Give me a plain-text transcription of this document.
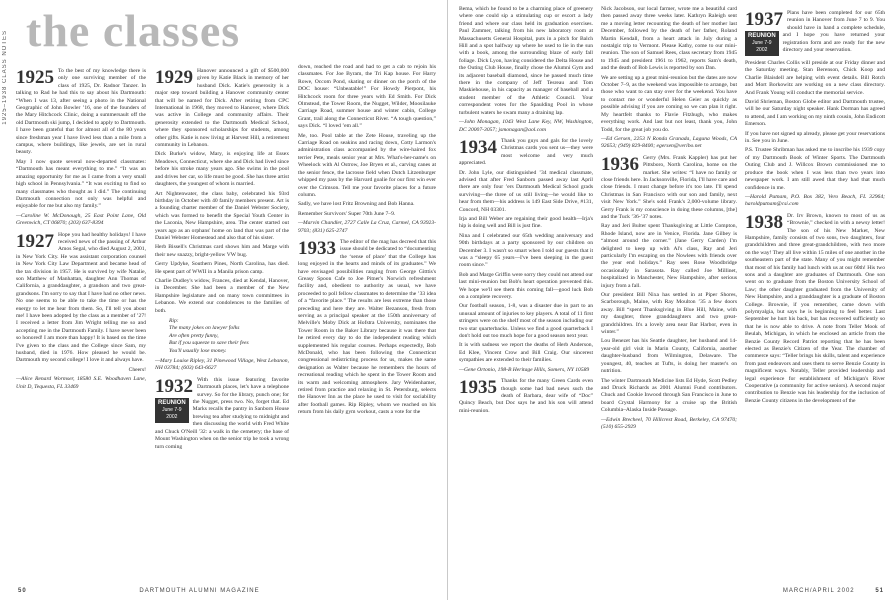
1925–1938 CLASS NOTES the classes
1925 To the best of my knowledge there is only one surviving member of the class of 1925, Dr. Radnor Tanzer. In talking to Rad he had this to say about his Dartmouth: “When I was 13, after seeing a photo in the National Geographic of John Bowler ’16, one of the founders of the Mary Hitchcock Clinic, doing a summersault off the old Dartmouth ski jump, I decided to apply to Dartmouth. I have been grateful that for almost all of the 80 years since freshman year I have lived less than a mile from a campus, where buildings, like jewels, are set in rural beauty.

May I now quote several now-departed classmates: “Dartmouth has meant everything to me.” “It was an amazing opportunity for me as I came from a very small high school in Pennsylvania.” “It was exciting to find so many classmates who thought as I did.” The continuing Dartmouth connection not only was helpful and enjoyable for me but also my family.”

—Caroline W. McDonough, 25 East Point Lane, Old Greenwich, CT 06870; (203) 637-8394

1927 Hope you had healthy holidays! I have received news of the passing of Arthur Amos Segal, who died August 2, 2001, in New York City. He was assistant corporation counsel in New York City Law Department and became head of the tax division in 1957. He is survived by wife Natalie, son Matthew of Manhattan, daughter Ann Thomas of California, a granddaughter, a grandson and two great-grandsons. I'm sorry to say that I have had no other news. No one seems to be able to take the time or has the energy to let me hear from them. So, I'll tell you about me! I have been adopted by the class as a member of ’27! I received a letter from Jim Wright telling me so and accepting me in the Dartmouth Family. I have never been so honored! I am more than happy! It is based on the time I've given to the class and the College since Sam, my husband, died in 1976. How pleased he would be. Dartmouth my second college! I love it and always have.

Cheers!

—Alice Renard Wormser, 18580 S.E. Woodhaven Lane, Unit D, Tequesta, FL 33469

1929 Hanover announced a gift of $500,000 given by Katie Black in memory of her husband Dick. Katie's generosity is a major step toward building a Hanover community center that will be named for Dick. After retiring from CPC International in 1968, they moved to Hanover, where Dick was active in College and community affairs. Their generosity extended to the Dartmouth Medical School, where they sponsored scholarships for students, among other gifts. Katie is now living at Harvest Hill, a retirement community in Lebanon.

Dick Burke's widow, Mary, is enjoying life at Essex Meadows, Connecticut, where she and Dick had lived since before his stroke many years ago. She swims in the pool and drives her car, so life must be good. She has three artist daughters, the youngest of whom is married.

Art Nightenwater, the class baby, celebrated his 93rd birthday in October with 40 family members present. Art is a founding charter member of the Daniel Webster Society, which was formed to benefit the Special Youth Center in the Laconia, New Hampshire, area. The center started out years ago as an orphans' home on land that was part of the Daniel Webster Homestead and also that of his sister.

Herb Bissell's Christmas card shows him and Marge with their new snazzy, bright-yellow VW bug.

Gerry Updyke, Southern Pines, North Carolina, has died. He spent part of WWII in a Manila prison camp.

Charlie Dudley's widow, Frances, died at Kendal, Hanover, in December. She had been a member of the New Hampshire legislature and on many town committees in Lebanon. We extend our condolences to the families of both.

Rip:
The many jokes on lawyer folks
Are often pretty funny,
But if you squeeze to save their fees
You'll usually lose money.

—Mary Louise Ripley, 31 Pinewood Village, West Lebanon, NH 03784; (603) 643-6627

1932
REUNION
June 7-9
2002

With this issue featuring favorite Dartmouth places, let's have a telephone survey. So for the library, punch one; for the Nugget, press two. No, forget that. Ed Marks recalls the pantry in Sanborn House brewing tea after studying to midnight and then discussing the world with Fred White and Chuck O'Neill '32: a walk in the cemetery; the base of Mount Washington when on the senior trip he took a wrong turn coming

down, reached the road and had to get a cab to rejoin his classmates. For Joe Byram, the Tri Kap house. For Harry Rowe, Occom Pond, skating or dinner on the porch of the DOC house: “Unbeatable!” For Howdy Pierpont, his Hitchcock room for three years with Ed Smith. For Dick Olmstead, the Tower Room, the Nugget, Wilder, Moosilauke Carriage Road, summer house and winter cabin, College Grant, trail along the Connecticut River. “A tough question,” says Dick. “I loved ’em all.”

Me, too. Pool table at the Zete House, traveling up the Carriage Road on seakins and racing down, Cotty Larmon's administration class accompanied by the wire-haired fox terrier Pete, meals senior year at Mrs. What's-her-name's on Wheelock with Al Ostrow, Joe Bryen et al., carving canes at the senior fence, the lacrosse field when Dutch Litzenburger whipped my pass by the Harvard goalie for our first win ever over the Crimson. Tell me your favorite places for a future column.

Sadly, we have lost Fritz Browning and Bob Hanna.

Remember Survivors' Super 70th June 7–9.

—Marvin Chandler, 2727 Calle La Cruz, Carmel, CA 93923-9703; (831) 625-2747

1933 The editor of the mag has decreed that this issue should be dedicated to “documenting the ‘sense of place’ that the College has long enjoyed in the hearts and minds of its graduates.” We have envisaged possibilities ranging from George Gitttis's Greasy Spoon Cafe to Joe Pitner's Norwich refreshment facility and, obedient to authority as usual, we have proceeded to poll fellow classmates to determine the ’33 idea of a “favorite place.” The results are less extreme than those preceding and here they are. Walter Bezanson, fresh from serving as a principal speaker at the 150th anniversary of Melville's Moby Dick at Hofstra University, nominates the Tower Room in the Baker Library because it was there that he retired every day to do the independent reading which supplemented his regular courses. Perhaps expectedly, Bob McDonald, who has been following the Connecticut congressional redistricting process for us, makes the same designation as Walter because he remembers the hours of recreational reading which he spent in the Tower Room and its warm and welcoming atmosphere. Jary Weidenhamer, retired from practice and relaxing in St. Petersburg, selects the Hanover Inn as the place he used to visit for sociability after football games. Rip Ripley, whom we reached on his return from his daily gym workout, casts a vote for the

50	DARTMOUTH ALUMNI MAGAZINE

Bema, which he found to be a charming place of greenery where one could sip a stimulating cup or escort a lady friend and where our class held its graduation exercises. Paul Zammer, talking from his new laboratory room at Massachusetts General Hospital, puts in a pitch for Balch Hill and a spot halfway up where he used to lie in the sun with a book, among the surrounding blaze of early fall foliage. Dick Lyon, having considered the Delta House and the Outing Club House, finally chose the Alumni Gym and its adjacent baseball diamond, since he passed much time there in the company of Jeff Tesreau and Tom Maskiehouse, in his capacity as manager of baseball and a student member of the Athletic Council. Your correspondent votes for the Spaulding Pool in whose turbulent waters he swam many a draining lap.

—John Monagan, 1043 West Lane Key, NW, Washington, DC 20007-3057; jsmonagan@aol.com

1934 Thank you guys and gals for the lovely Christmas cards you sent us—they were most welcome and very much appreciated.

Dr. John Lyle, our distinguished ’34 medical classmate, advised that after Fred Sanborn passed away last April there are only four ’ers Dartmouth Medical School grads surviving—the three of us still living—he would like to hear from them—his address is 149 East Side Drive, #131, Concord, NH 03301.

Irja and Bill Weber are regaining their good health—Irja's hip is doing well and Bill is just fine.

Nina and I celebrated our 65th wedding anniversary and 90th birthdays at a party sponsored by our children on December 3. I wasn't so smart when I told our guests that it was a “sleepy 65 years—I've been sleeping in the guest room since.”

Bob and Marge Griffin were sorry they could not attend our last mini-reunion but Bob's heart operation prevented this. We hope we'll see them this coming fall—good luck Bob on a complete recovery.

Our football season, 1-8, was a disaster due in part to an unusual amount of injuries to key players. A total of 11 first stringers were on the shelf most of the season including our two star quarterbacks. Unless we find a good quarterback I don't hold out too much hope for a good season next year.

It is with sadness we report the deaths of Herb Anderson, Ed Klee, Vincent Crow and Bill Craig. Our sincerest sympathies are extended to their families.

—Gene Ortonio, 198-B Heritage Hills, Somers, NY 10589

1935 Thanks for the many Green Cards even though some had bad news such the death of Barbara, dear wife of “Doc” Quincy Beach, but Doc says he and his son will attend mini-reunion.

Nick Jacobson, our local farmer, wrote me a beautiful card then passed away three weeks later. Kathryn Raleigh sent me a moving letter recounting the death of her mother last December, followed by the death of her father, Roland Martin Kendall, from a heart attack in July during a nostalgic trip to Vermont. Please Kathy, come to our mini-reunion. The son of Samuel Rees, class secretary from 1945 to 1945 and president 1961 to 1962, reports Sam's death, and the death of Bob Lewis is reported by son Dan.

We are setting up a great mini-reunion but the dates are now October 7–9, as the weekend was impossible to arrange, but those who want to can stay over for the weekend. You have to contact me or wonderful Helen Geier as quickly as possible advising if you are coming so we can plan it right. My heartfelt thanks to Flavie Fitzhugh, who makes everything work. And last but not least, thank you, John Todd, for the great job you do.

—Ed Gersen, 2253 N Ronda Granada, Laguna Woods, CA 92653; (949) 829-8400; egersen@veribo.net

1936 Gerry (Mrs. Frank Kappler) has put her Pittsboro, North Carolina, home on the market. She writes: “I have no family or close friends here. In Jacksonville, Florida, I'll have care and close friends. I must change before it's too late. I'll spend Christmas in San Francisco with our son and family, next visit New York.” She's sold Frank's 2,000-volume library. Gerry Frank is my conscience in doing these columns, [the] and the Tuck ’36-’37 notes.

Ray and Jeri Bulter spent Thanksgiving at Little Compton, Rhode Island, now are in Venice, Florida. Jane Gilbey is “almost around the corner.” (Jane Gerry Carden) I'm delighted to keep up with Al's class, Ray and Jeri particularly I'm escaping on the Nowlees with friends over the year end holidays.” Ray sees Rose Woodbridge occasionally in Sarasota. Ray called Joe Millinet, hospitalized in Manchester, New Hampshire, after serious injury from a fall.

Our president Bill Nixa has settled in at Piper Shores, Scarborough, Maine, with Ray Moulton ’35 a few doors away. Bill “spent Thanksgiving in Blue Hill, Maine, with my daughter, three granddaughters and two great-grandchildren. It's a lovely area near Bar Harbor, even in winter.”

Lou Benezet has his Seattle daughter, her husband and 14-year-old girl visit in Marin County, California, another daughter-husband from Wilmington, Delaware. The youngest, 40, teaches at Tufts, is doing her master's on nutrition.

The winter Dartmouth Medicine lists Ed Hyde, Scott Pedley and Druck Richards as 2001 Alumni Fund contributors. Chuck and Cookie Inwood through San Francisco in June to board Crystal Harmony for a cruise up the British Columbia–Alaska Inside Passage.

—Edwin Brecheel, 70 Hillcrest Road, Berkeley, CA 97470; (510) 655-2929

1937
REUNION
June 7-9
2002

Plans have been completed for our 65th reunion in Hanover from June 7 to 9. You should have in hand a complete schedule, and I hope you have returned your registration form and are ready for the new directory and your reservation.

President Charles Collis will preside at our Friday dinner and the Saturday meeting. Stan Berenson, Chick Koop and Charlie Blaisdell are helping with event details. Bill Rotch and Mort Borkowitz are working on a new class directory. And Frank Young will conduct the memorial service.

David Shrieman, Boston Globe editor and Dartmouth trustee, will be our Saturday night speaker. Hank Dorman has agreed to attend, and I am working on my ninth cousin, John Endicott Emerson.

If you have not signed up already, please get your reservations in. See you in June.

P.S. Trustee Shribman has asked me to inscribe his 1939 copy of my Dartmouth Book of Winter Sports. The Dartmouth Outing Club and J. Willcox Brown commissioned me to produce the book when I was less than two years into newspaper work. I am still awed that they had that much confidence in me.

—Harold Putnam, P.O. Box 382, Vero Beach, FL 32964; haroldputnam@csi.com

1938 Dr. Irv Brown, known to most of us as “Brownie,” checked in with a newsy letter! The son of his New Market, New Hampshire, family consists of two sons, two daughters, four grandchildren and three great-grandchildren, with two more on the way! They all live within 15 miles of one another in the southeastern part of the state. Many of you might remember that most of his family had lunch with us at our 60th! His two sons and a daughter are graduates of Dartmouth. One son went on to graduate from the Boston University School of Law; the other daughter graduated from the University of New Hampshire, and a granddaughter is a graduate of Boston College. Brownie, if you remember, came down with polymyalgia, but says he is beginning to feel better. Last September he hurt his back, but has recovered sufficiently so that he is now able to drive. A note from Teller Mook of Beulah, Michigan, in which he enclosed an article from the Benzie County Record Patriot reporting that he has been elected as Benzie's Citizen of the Year. The chamber of commerce says: “Teller brings his skills, talent and experience from past endeavors and uses them to serve Benzie County in magnificent ways. Notably, Teller provided leadership and legal experience for establishment of Michigan's River Cooperative (a community for active seniors). A second major contribution to Benzie was his leadership for the inclusion of Benzie County citizens in the development of the

MARCH/APRIL 2002	51
